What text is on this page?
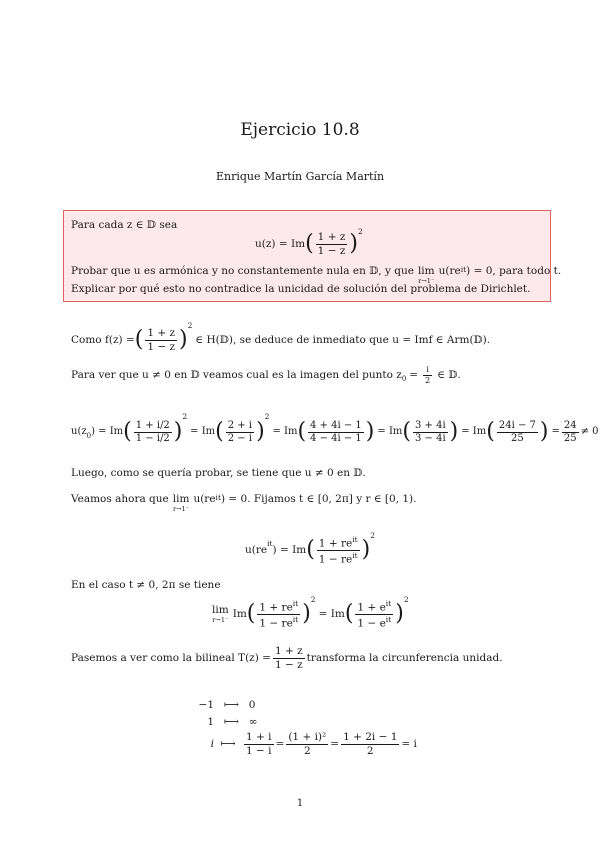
Ejercicio 10.8
Enrique Martín García Martín
Para cada z ∈ 𝔻 sea
u(z) = Im ( $\frac{1 + z}{1 - z}$ ) 2
Probar que u es armónica y no constantemente nula en 𝔻, y que lim
r→1⁻
u(re it ) = 0, para todo t.
Explicar por qué esto no contradice la unicidad de solución del problema de Dirichlet.
Como f(z) = ( $\frac{1 + z}{1 - z}$ )
2
∈ H(𝔻), se deduce de inmediato que u = Imf ∈ Arm(𝔻).
Para ver que u ≠ 0 en 𝔻 veamos cual es la imagen del punto z $0 = \frac{i}{2}$ ∈ 𝔻.
u(z 0 ) = Im ( $\frac{1 + i/2}{1 - i/2}$ )
2
= Im ( $\frac{2 + i}{2 - i}$ )
2
= Im ( $\frac{4 + 4i - 1}{4 - 4i - 1}$ ) = Im ( $\frac{3 + 4i}{3 - 4i}$ ) = Im ( $\frac{24i - 7}{25}$ ) = $\frac{24}{25} \ne 0$
Luego, como se quería probar, se tiene que u ≠ 0 en 𝔻.
Veamos ahora que lim
r→1⁻
u(re it ) = 0. Fijamos t ∈ [0, 2π] y r ∈ [0, 1).
u(re
it
) = Im ( $\frac{1 + re^{it}}{1 - re^{it}}$ )
2
En el caso t ≠ 0, 2π se tiene
lim
r→1⁻ Im ( $\frac{1 + re^{it}}{1 - re^{it}}$ )
2
= Im ( $\frac{1 + e^{it}}{1 - e^{it}}$ )
2
Pasemos a ver como la bilineal $T(z) = \frac{1 + z}{1 - z}$ transforma la circunferencia unidad.
−1 ⟼ 0
1 ⟼ ∞
i ⟼ $\frac{1 + i}{1 - i} = \frac{\text{(1 + i)²}}{2} = \frac{1 + 2i - 1}{2} = i$
1
